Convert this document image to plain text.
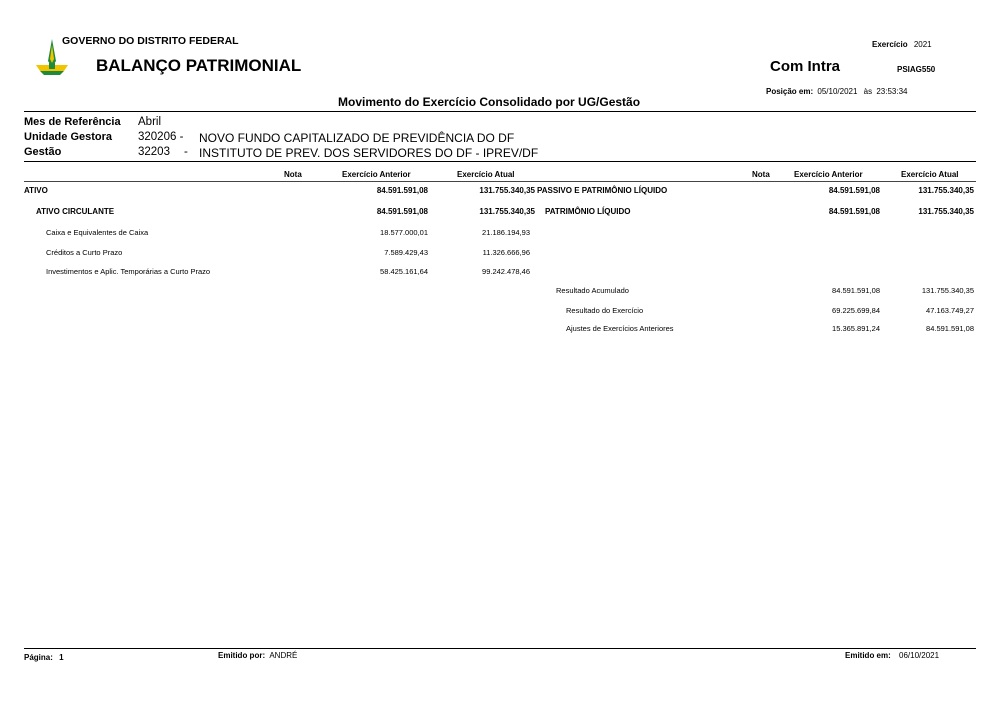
GOVERNO DO DISTRITO FEDERAL
BALANÇO PATRIMONIAL
Movimento do Exercício Consolidado por UG/Gestão
Exercício 2021
Com Intra	PSIAG550
Posição em: 05/10/2021 às 23:53:34
Mes de Referência Abril
Unidade Gestora 320206 - NOVO FUNDO CAPITALIZADO DE PREVIDÊNCIA DO DF
Gestão	32203 - INSTITUTO DE PREV. DOS SERVIDORES DO DF - IPREV/DF
Nota	Exercício Anterior	Exercício Atual	Nota	Exercício Anterior	Exercício Atual
ATIVO	84.591.591,08	131.755.340,35
ATIVO CIRCULANTE	84.591.591,08	131.755.340,35
Caixa e Equivalentes de Caixa	18.577.000,01	21.186.194,93
Créditos a Curto Prazo	7.589.429,43	11.326.666,96
Investimentos e Aplic. Temporárias a Curto Prazo	58.425.161,64	99.242.478,46
PASSIVO E PATRIMÔNIO LÍQUIDO	84.591.591,08	131.755.340,35
PATRIMÔNIO LÍQUIDO	84.591.591,08	131.755.340,35
Resultado Acumulado	84.591.591,08	131.755.340,35
Resultado do Exercício	69.225.699,84	47.163.749,27
Ajustes de Exercícios Anteriores	15.365.891,24	84.591.591,08
Página: 1	Emitido por: ANDRÉ	Emitido em: 06/10/2021
